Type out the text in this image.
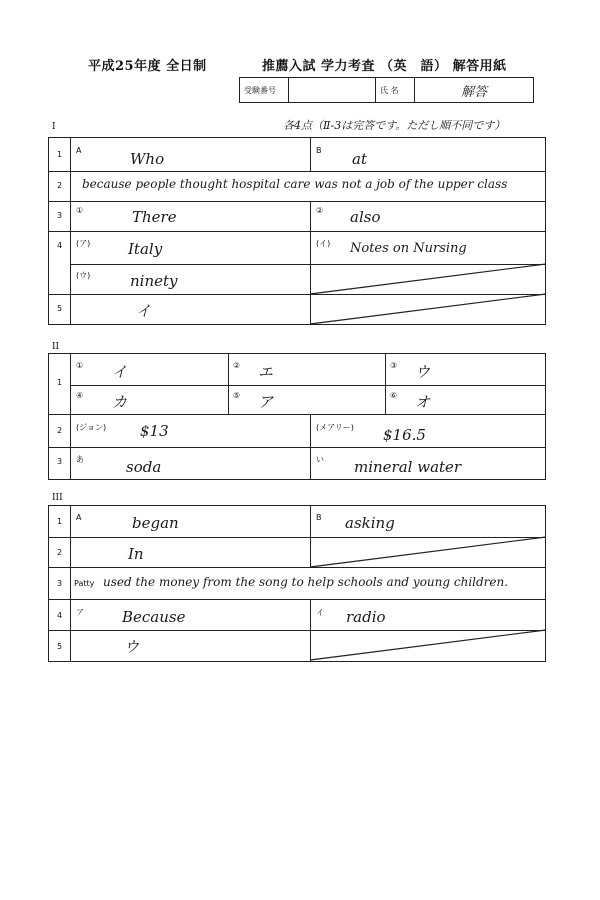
平成25年度 全日制	推薦入試 学力考査 （英　語） 解答用紙
受験番号		氏 名	解答
I	各4点（Ⅱ-3は完答です。ただし順不同です）
1 A	Who	B at
2 because people thought hospital care was not a job of the upper class
3
①	There	② also
4 (ア)	Italy	(イ) Notes on Nursing
(ウ)	ninety
5	イ
II
1
① イ	② エ	③ ウ
④ カ	⑤ ア	⑥ オ
2 (ジョン) $13	(メアリー) $16.5
3 あ	soda	い mineral water
III
1 A	began	B asking
2	In
3 Patty used the money from the song to help schools and young children.
4 ア	Because	イ radio
5	ウ
